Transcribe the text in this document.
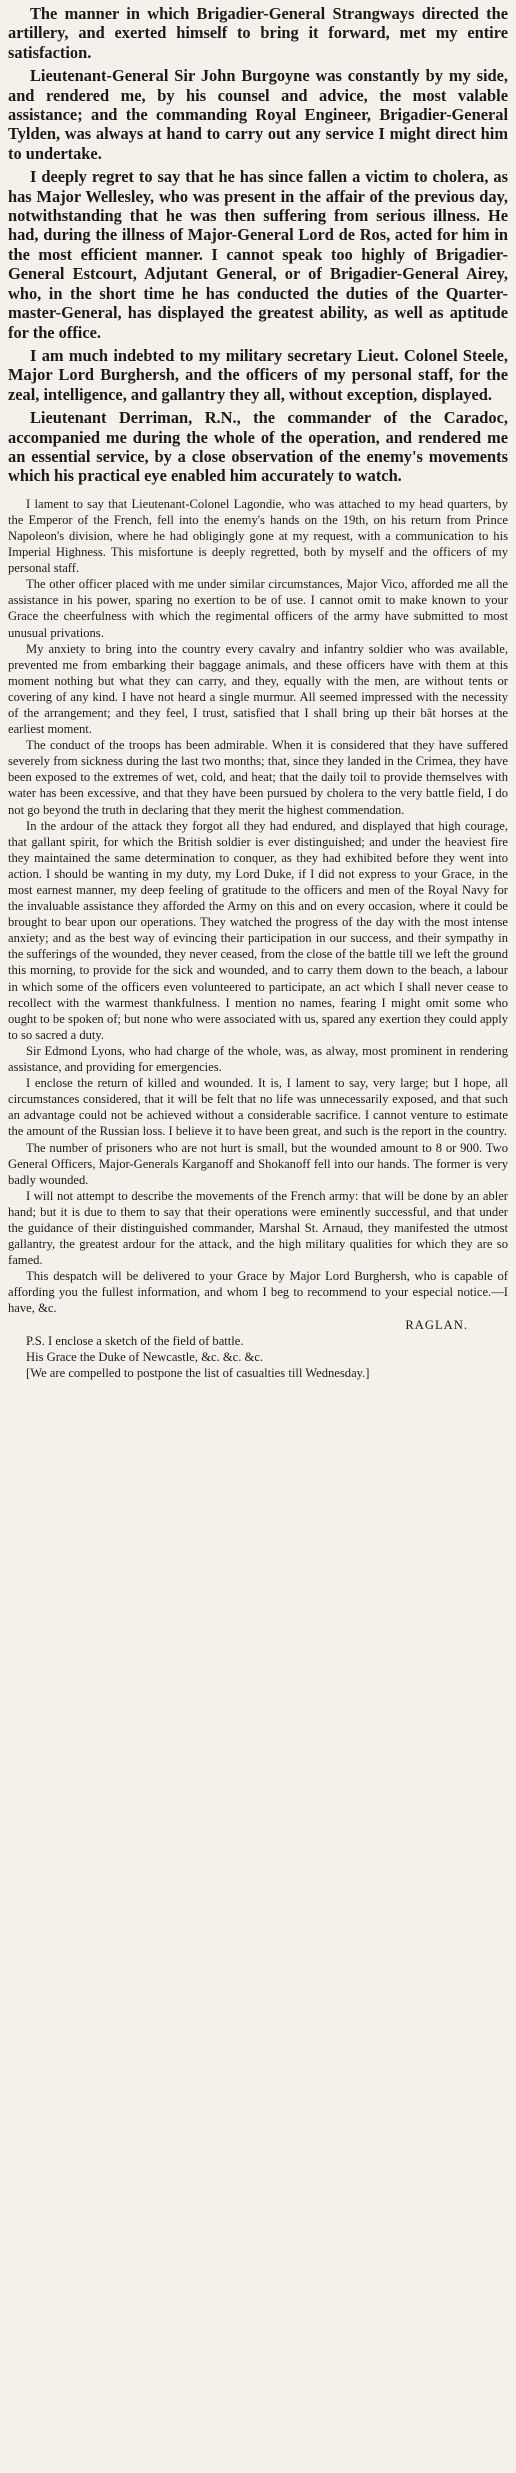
The manner in which Brigadier-General Strangways directed the artillery, and exerted himself to bring it forward, met my entire satisfaction.

Lieutenant-General Sir John Burgoyne was constantly by my side, and rendered me, by his counsel and advice, the most valable assistance; and the commanding Royal Engineer, Brigadier-General Tylden, was always at hand to carry out any service I might direct him to undertake.

I deeply regret to say that he has since fallen a victim to cholera, as has Major Wellesley, who was present in the affair of the previous day, notwithstanding that he was then suffering from serious illness. He had, during the illness of Major-General Lord de Ros, acted for him in the most efficient manner. I cannot speak too highly of Brigadier-General Estcourt, Adjutant General, or of Brigadier-General Airey, who, in the short time he has conducted the duties of the Quarter-master-General, has displayed the greatest ability, as well as aptitude for the office.

I am much indebted to my military secretary Lieut. Colonel Steele, Major Lord Burghersh, and the officers of my personal staff, for the zeal, intelligence, and gallantry they all, without exception, displayed.

Lieutenant Derriman, R.N., the commander of the Caradoc, accompanied me during the whole of the operation, and rendered me an essential service, by a close observation of the enemy's movements which his practical eye enabled him accurately to watch.

I lament to say that Lieutenant-Colonel Lagondie, who was attached to my head quarters, by the Emperor of the French, fell into the enemy's hands on the 19th, on his return from Prince Napoleon's division, where he had obligingly gone at my request, with a communication to his Imperial Highness. This misfortune is deeply regretted, both by myself and the officers of my personal staff.

The other officer placed with me under similar circumstances, Major Vico, afforded me all the assistance in his power, sparing no exertion to be of use. I cannot omit to make known to your Grace the cheerfulness with which the regimental officers of the army have submitted to most unusual privations.

My anxiety to bring into the country every cavalry and infantry soldier who was available, prevented me from embarking their baggage animals, and these officers have with them at this moment nothing but what they can carry, and they, equally with the men, are without tents or covering of any kind. I have not heard a single murmur. All seemed impressed with the necessity of the arrangement; and they feel, I trust, satisfied that I shall bring up their bât horses at the earliest moment.

The conduct of the troops has been admirable. When it is considered that they have suffered severely from sickness during the last two months; that, since they landed in the Crimea, they have been exposed to the extremes of wet, cold, and heat; that the daily toil to provide themselves with water has been excessive, and that they have been pursued by cholera to the very battle field, I do not go beyond the truth in declaring that they merit the highest commendation.

In the ardour of the attack they forgot all they had endured, and displayed that high courage, that gallant spirit, for which the British soldier is ever distinguished; and under the heaviest fire they maintained the same determination to conquer, as they had exhibited before they went into action. I should be wanting in my duty, my Lord Duke, if I did not express to your Grace, in the most earnest manner, my deep feeling of gratitude to the officers and men of the Royal Navy for the invaluable assistance they afforded the Army on this and on every occasion, where it could be brought to bear upon our operations. They watched the progress of the day with the most intense anxiety; and as the best way of evincing their participation in our success, and their sympathy in the sufferings of the wounded, they never ceased, from the close of the battle till we left the ground this morning, to provide for the sick and wounded, and to carry them down to the beach, a labour in which some of the officers even volunteered to participate, an act which I shall never cease to recollect with the warmest thankfulness. I mention no names, fearing I might omit some who ought to be spoken of; but none who were associated with us, spared any exertion they could apply to so sacred a duty.

Sir Edmond Lyons, who had charge of the whole, was, as alway, most prominent in rendering assistance, and providing for emergencies.

I enclose the return of killed and wounded. It is, I lament to say, very large; but I hope, all circumstances considered, that it will be felt that no life was unnecessarily exposed, and that such an advantage could not be achieved without a considerable sacrifice. I cannot venture to estimate the amount of the Russian loss. I believe it to have been great, and such is the report in the country.

The number of prisoners who are not hurt is small, but the wounded amount to 8 or 900. Two General Officers, Major-Generals Karganoff and Shokanoff fell into our hands. The former is very badly wounded.

I will not attempt to describe the movements of the French army: that will be done by an abler hand; but it is due to them to say that their operations were eminently successful, and that under the guidance of their distinguished commander, Marshal St. Arnaud, they manifested the utmost gallantry, the greatest ardour for the attack, and the high military qualities for which they are so famed.

This despatch will be delivered to your Grace by Major Lord Burghersh, who is capable of affording you the fullest information, and whom I beg to recommend to your especial notice.—I have, &c.

RAGLAN.

P.S. I enclose a sketch of the field of battle.

His Grace the Duke of Newcastle, &c. &c. &c.

[We are compelled to postpone the list of casualties till Wednesday.]
